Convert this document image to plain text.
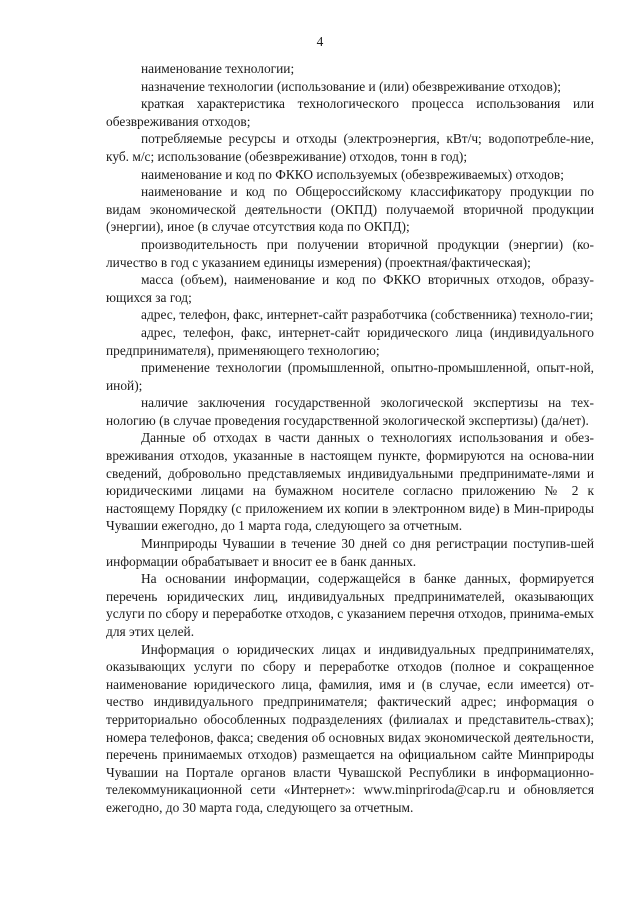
4

наименование технологии;

назначение технологии (использование и (или) обезвреживание отходов);

краткая характеристика технологического процесса использования или обезвреживания отходов;

потребляемые ресурсы и отходы (электроэнергия, кВт/ч; водопотребле-ние, куб. м/с; использование (обезвреживание) отходов, тонн в год);

наименование и код по ФККО используемых (обезвреживаемых) отходов;

наименование и код по Общероссийскому классификатору продукции по видам экономической деятельности (ОКПД) получаемой вторичной продукции (энергии), иное (в случае отсутствия кода по ОКПД);

производительность при получении вторичной продукции (энергии) (ко-личество в год с указанием единицы измерения) (проектная/фактическая);

масса (объем), наименование и код по ФККО вторичных отходов, образу-ющихся за год;

адрес, телефон, факс, интернет-сайт разработчика (собственника) техноло-гии;

адрес, телефон, факс, интернет-сайт юридического лица (индивидуального предпринимателя), применяющего технологию;

применение технологии (промышленной, опытно-промышленной, опыт-ной, иной);

наличие заключения государственной экологической экспертизы на тех-нологию (в случае проведения государственной экологической экспертизы) (да/нет).

Данные об отходах в части данных о технологиях использования и обез-вреживания отходов, указанные в настоящем пункте, формируются на основа-нии сведений, добровольно представляемых индивидуальными предпринимате-лями и юридическими лицами на бумажном носителе согласно приложению № 2 к настоящему Порядку (с приложением их копии в электронном виде) в Мин-природы Чувашии ежегодно, до 1 марта года, следующего за отчетным.

Минприроды Чувашии в течение 30 дней со дня регистрации поступив-шей информации обрабатывает и вносит ее в банк данных.

На основании информации, содержащейся в банке данных, формируется перечень юридических лиц, индивидуальных предпринимателей, оказывающих услуги по сбору и переработке отходов, с указанием перечня отходов, принима-емых для этих целей.

Информация о юридических лицах и индивидуальных предпринимателях, оказывающих услуги по сбору и переработке отходов (полное и сокращенное наименование юридического лица, фамилия, имя и (в случае, если имеется) от-чество индивидуального предпринимателя; фактический адрес; информация о территориально обособленных подразделениях (филиалах и представитель-ствах); номера телефонов, факса; сведения об основных видах экономической деятельности, перечень принимаемых отходов) размещается на официальном сайте Минприроды Чувашии на Портале органов власти Чувашской Республики в информационно-телекоммуникационной сети «Интернет»: www.minpriroda@cap.ru и обновляется ежегодно, до 30 марта года, следующего за отчетным.
